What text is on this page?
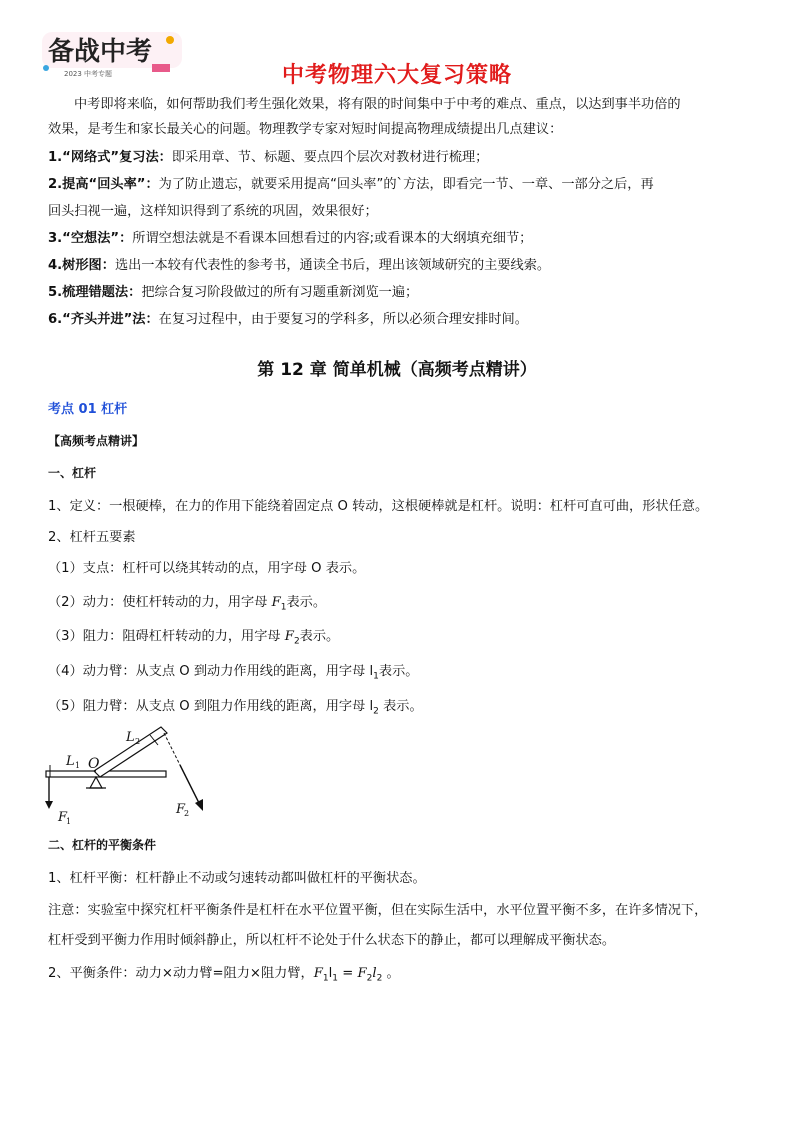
备战中考
2023 中考专题	中考物理六大复习策略
中考即将来临，如何帮助我们考生强化效果，将有限的时间集中于中考的难点、重点，以达到事半功倍的
效果，是考生和家长最关心的问题。物理教学专家对短时间提高物理成绩提出几点建议：
1.“网络式”复习法：即采用章、节、标题、要点四个层次对教材进行梳理；
2.提高“回头率”：为了防止遗忘，就要采用提高“回头率”的`方法，即看完一节、一章、一部分之后，再
回头扫视一遍，这样知识得到了系统的巩固，效果很好；
3.“空想法”：所谓空想法就是不看课本回想看过的内容;或看课本的大纲填充细节；
4.树形图：选出一本较有代表性的参考书，通读全书后，理出该领域研究的主要线索。
5.梳理错题法：把综合复习阶段做过的所有习题重新浏览一遍；
6.“齐头并进”法：在复习过程中，由于要复习的学科多，所以必须合理安排时间。
第 12 章 简单机械（高频考点精讲）
考点 01 杠杆
【高频考点精讲】
一、杠杆
1、定义：一根硬棒，在力的作用下能绕着固定点 O 转动，这根硬棒就是杠杆。说明：杠杆可直可曲，形状任意。
2、杠杆五要素
（1）支点：杠杆可以绕其转动的点，用字母 O 表示。
（2）动力：使杠杆转动的力，用字母 $F_1$表示。
（3）阻力：阻碍杠杆转动的力，用字母 $F_2$表示。
（4）动力臂：从支点 O 到动力作用线的距离，用字母 $l_1$表示。
（5）阻力臂：从支点 O 到阻力作用线的距离，用字母 $l_2$ 表示。
L 1 O
L 2
F
1
F
2
二、杠杆的平衡条件
1、杠杆平衡：杠杆静止不动或匀速转动都叫做杠杆的平衡状态。
注意：实验室中探究杠杆平衡条件是杠杆在水平位置平衡，但在实际生活中，水平位置平衡不多，在许多情况下，
杠杆受到平衡力作用时倾斜静止，所以杠杆不论处于什么状态下的静止，都可以理解成平衡状态。
2、平衡条件：动力×动力臂=阻力×阻力臂，$F_1l_1 = F_2l_2$ 。
